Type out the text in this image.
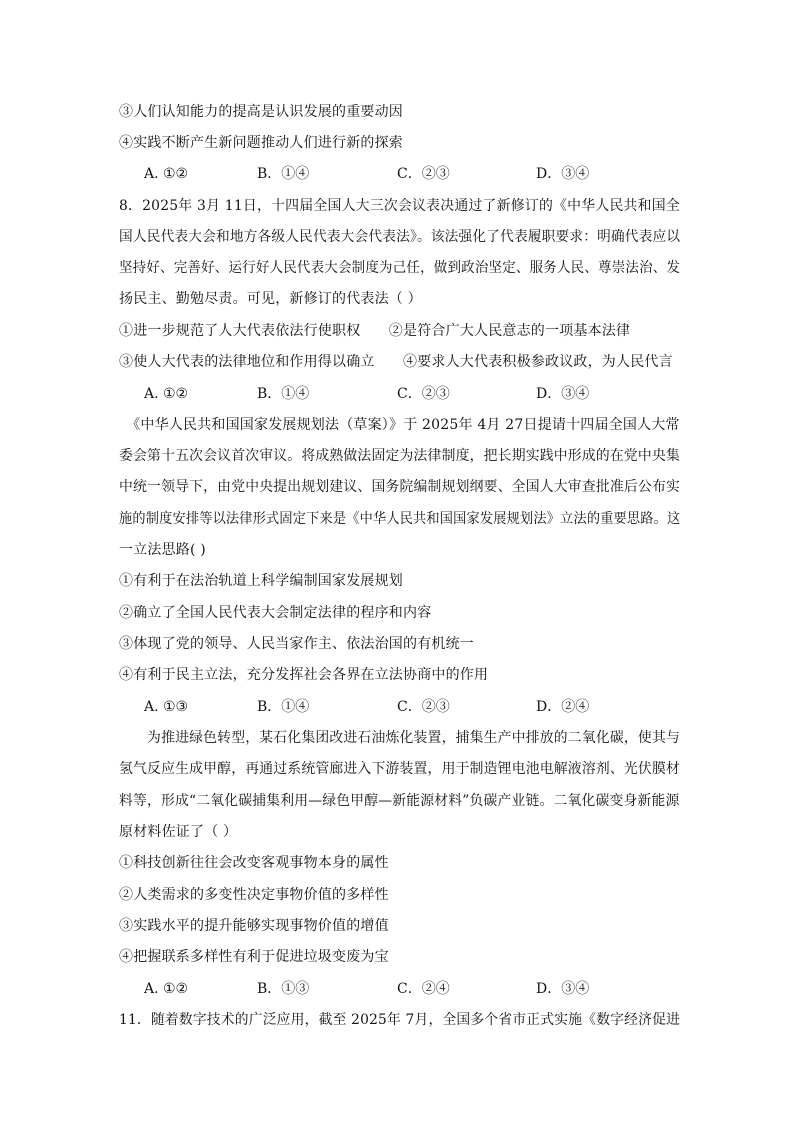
③人们认知能力的提高是认识发展的重要动因
④实践不断产生新问题推动人们进行新的探索
A. ①②	B．①④	C．②③	D．③④
8．2025年 3月 11日，十四届全国人大三次会议表决通过了新修订的《中华人民共和国全
国人民代表大会和地方各级人民代表大会代表法》。该法强化了代表履职要求：明确代表应以
坚持好、完善好、运行好人民代表大会制度为己任，做到政治坚定、服务人民、尊崇法治、发
扬民主、勤勉尽责。可见，新修订的代表法（ ）
①进一步规范了人大代表依法行使职权　　②是符合广大人民意志的一项基本法律
③使人大代表的法律地位和作用得以确立　　④要求人大代表积极参政议政，为人民代言
A. ①②	B．①④	C．②③	D．③④
　《中华人民共和国国家发展规划法（草案）》于 2025年 4月 27日提请十四届全国人大常
委会第十五次会议首次审议。将成熟做法固定为法律制度，把长期实践中形成的在党中央集
中统一领导下，由党中央提出规划建议、国务院编制规划纲要、全国人大审查批准后公布实
施的制度安排等以法律形式固定下来是《中华人民共和国国家发展规划法》立法的重要思路。这
一立法思路( )
①有利于在法治轨道上科学编制国家发展规划
②确立了全国人民代表大会制定法律的程序和内容
③体现了党的领导、人民当家作主、依法治国的有机统一
④有利于民主立法，充分发挥社会各界在立法协商中的作用
A. ①③	B．①④	C．②③	D．②④
　　为推进绿色转型，某石化集团改进石油炼化装置，捕集生产中排放的二氧化碳，使其与
氢气反应生成甲醇，再通过系统管廊进入下游装置，用于制造锂电池电解液溶剂、光伏膜材
料等，形成“二氧化碳捕集利用—绿色甲醇—新能源材料”负碳产业链。二氧化碳变身新能源
原材料佐证了（ ）
①科技创新往往会改变客观事物本身的属性
②人类需求的多变性决定事物价值的多样性
③实践水平的提升能够实现事物价值的增值
④把握联系多样性有利于促进垃圾变废为宝
A. ①②	B．①③	C．②④	D．③④
11．随着数字技术的广泛应用，截至 2025年 7月，全国多个省市正式实施《数字经济促进
